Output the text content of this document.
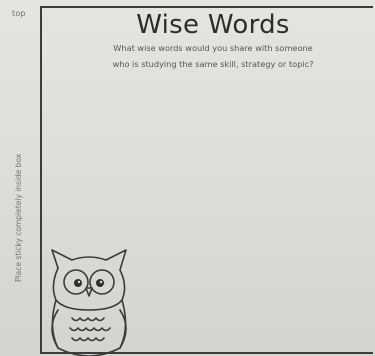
top
Place sticky completely inside box
Wise Words
What wise words would you share with someone
who is studying the same skill, strategy or topic?
